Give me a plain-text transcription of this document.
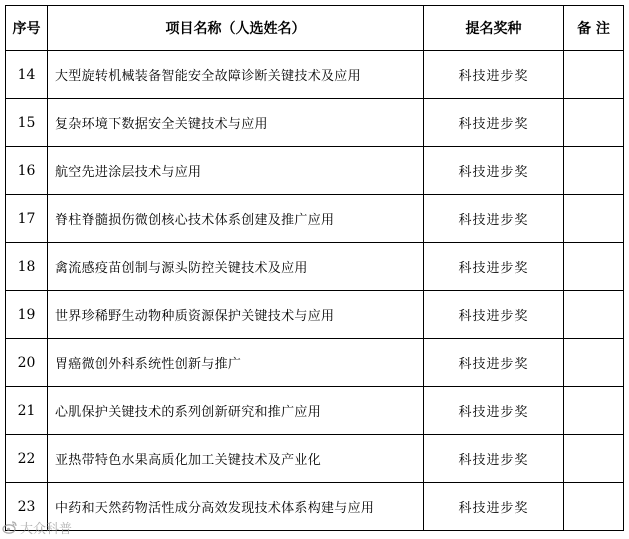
序号	项目名称（人选姓名）	提名奖种	备 注
14	大型旋转机械装备智能安全故障诊断关键技术及应用	科技进步奖	
15	复杂环境下数据安全关键技术与应用	科技进步奖	
16	航空先进涂层技术与应用	科技进步奖	
17	脊柱脊髓损伤微创核心技术体系创建及推广应用	科技进步奖	
18	禽流感疫苗创制与源头防控关键技术及应用	科技进步奖	
19	世界珍稀野生动物种质资源保护关键技术与应用	科技进步奖	
20	胃癌微创外科系统性创新与推广	科技进步奖	
21	心肌保护关键技术的系列创新研究和推广应用	科技进步奖	
22	亚热带特色水果高质化加工关键技术及产业化	科技进步奖	
23	中药和天然药物活性成分高效发现技术体系构建与应用	科技进步奖	
大众科普
